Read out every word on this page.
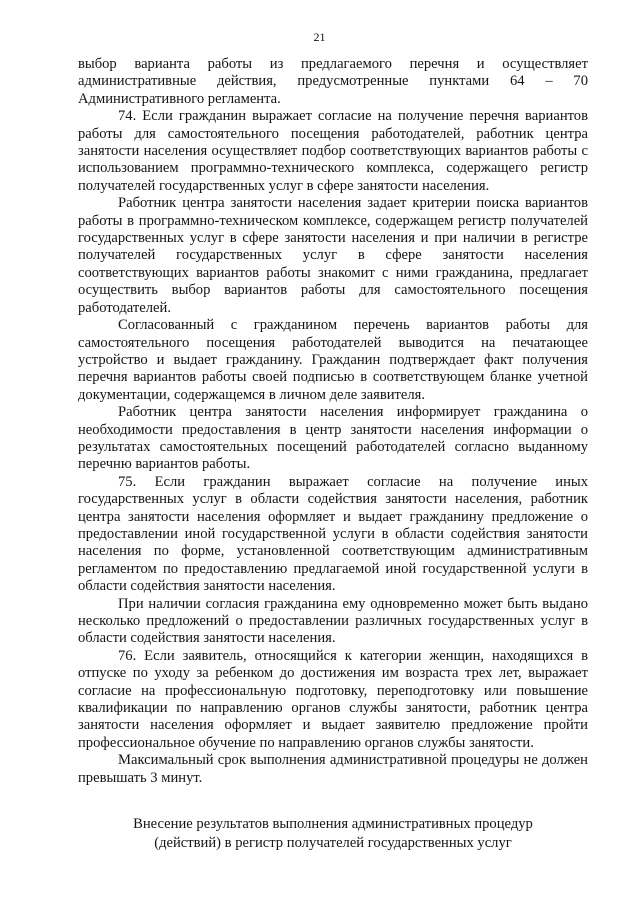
21

выбор варианта работы из предлагаемого перечня и осуществляет административные действия, предусмотренные пунктами 64 – 70 Административного регламента.

74. Если гражданин выражает согласие на получение перечня вариантов работы для самостоятельного посещения работодателей, работник центра занятости населения осуществляет подбор соответствующих вариантов работы с использованием программно-технического комплекса, содержащего регистр получателей государственных услуг в сфере занятости населения.

Работник центра занятости населения задает критерии поиска вариантов работы в программно-техническом комплексе, содержащем регистр получателей государственных услуг в сфере занятости населения и при наличии в регистре получателей государственных услуг в сфере занятости населения соответствующих вариантов работы знакомит с ними гражданина, предлагает осуществить выбор вариантов работы для самостоятельного посещения работодателей.

Согласованный с гражданином перечень вариантов работы для самостоятельного посещения работодателей выводится на печатающее устройство и выдает гражданину. Гражданин подтверждает факт получения перечня вариантов работы своей подписью в соответствующем бланке учетной документации, содержащемся в личном деле заявителя.

Работник центра занятости населения информирует гражданина о необходимости предоставления в центр занятости населения информации о результатах самостоятельных посещений работодателей согласно выданному перечню вариантов работы.

75. Если гражданин выражает согласие на получение иных государственных услуг в области содействия занятости населения, работник центра занятости населения оформляет и выдает гражданину предложение о предоставлении иной государственной услуги в области содействия занятости населения по форме, установленной соответствующим административным регламентом по предоставлению предлагаемой иной государственной услуги в области содействия занятости населения.

При наличии согласия гражданина ему одновременно может быть выдано несколько предложений о предоставлении различных государственных услуг в области содействия занятости населения.

76. Если заявитель, относящийся к категории женщин, находящихся в отпуске по уходу за ребенком до достижения им возраста трех лет, выражает согласие на профессиональную подготовку, переподготовку или повышение квалификации по направлению органов службы занятости, работник центра занятости населения оформляет и выдает заявителю предложение пройти профессиональное обучение по направлению органов службы занятости.

Максимальный срок выполнения административной процедуры не должен превышать 3 минут.

Внесение результатов выполнения административных процедур
(действий) в регистр получателей государственных услуг
